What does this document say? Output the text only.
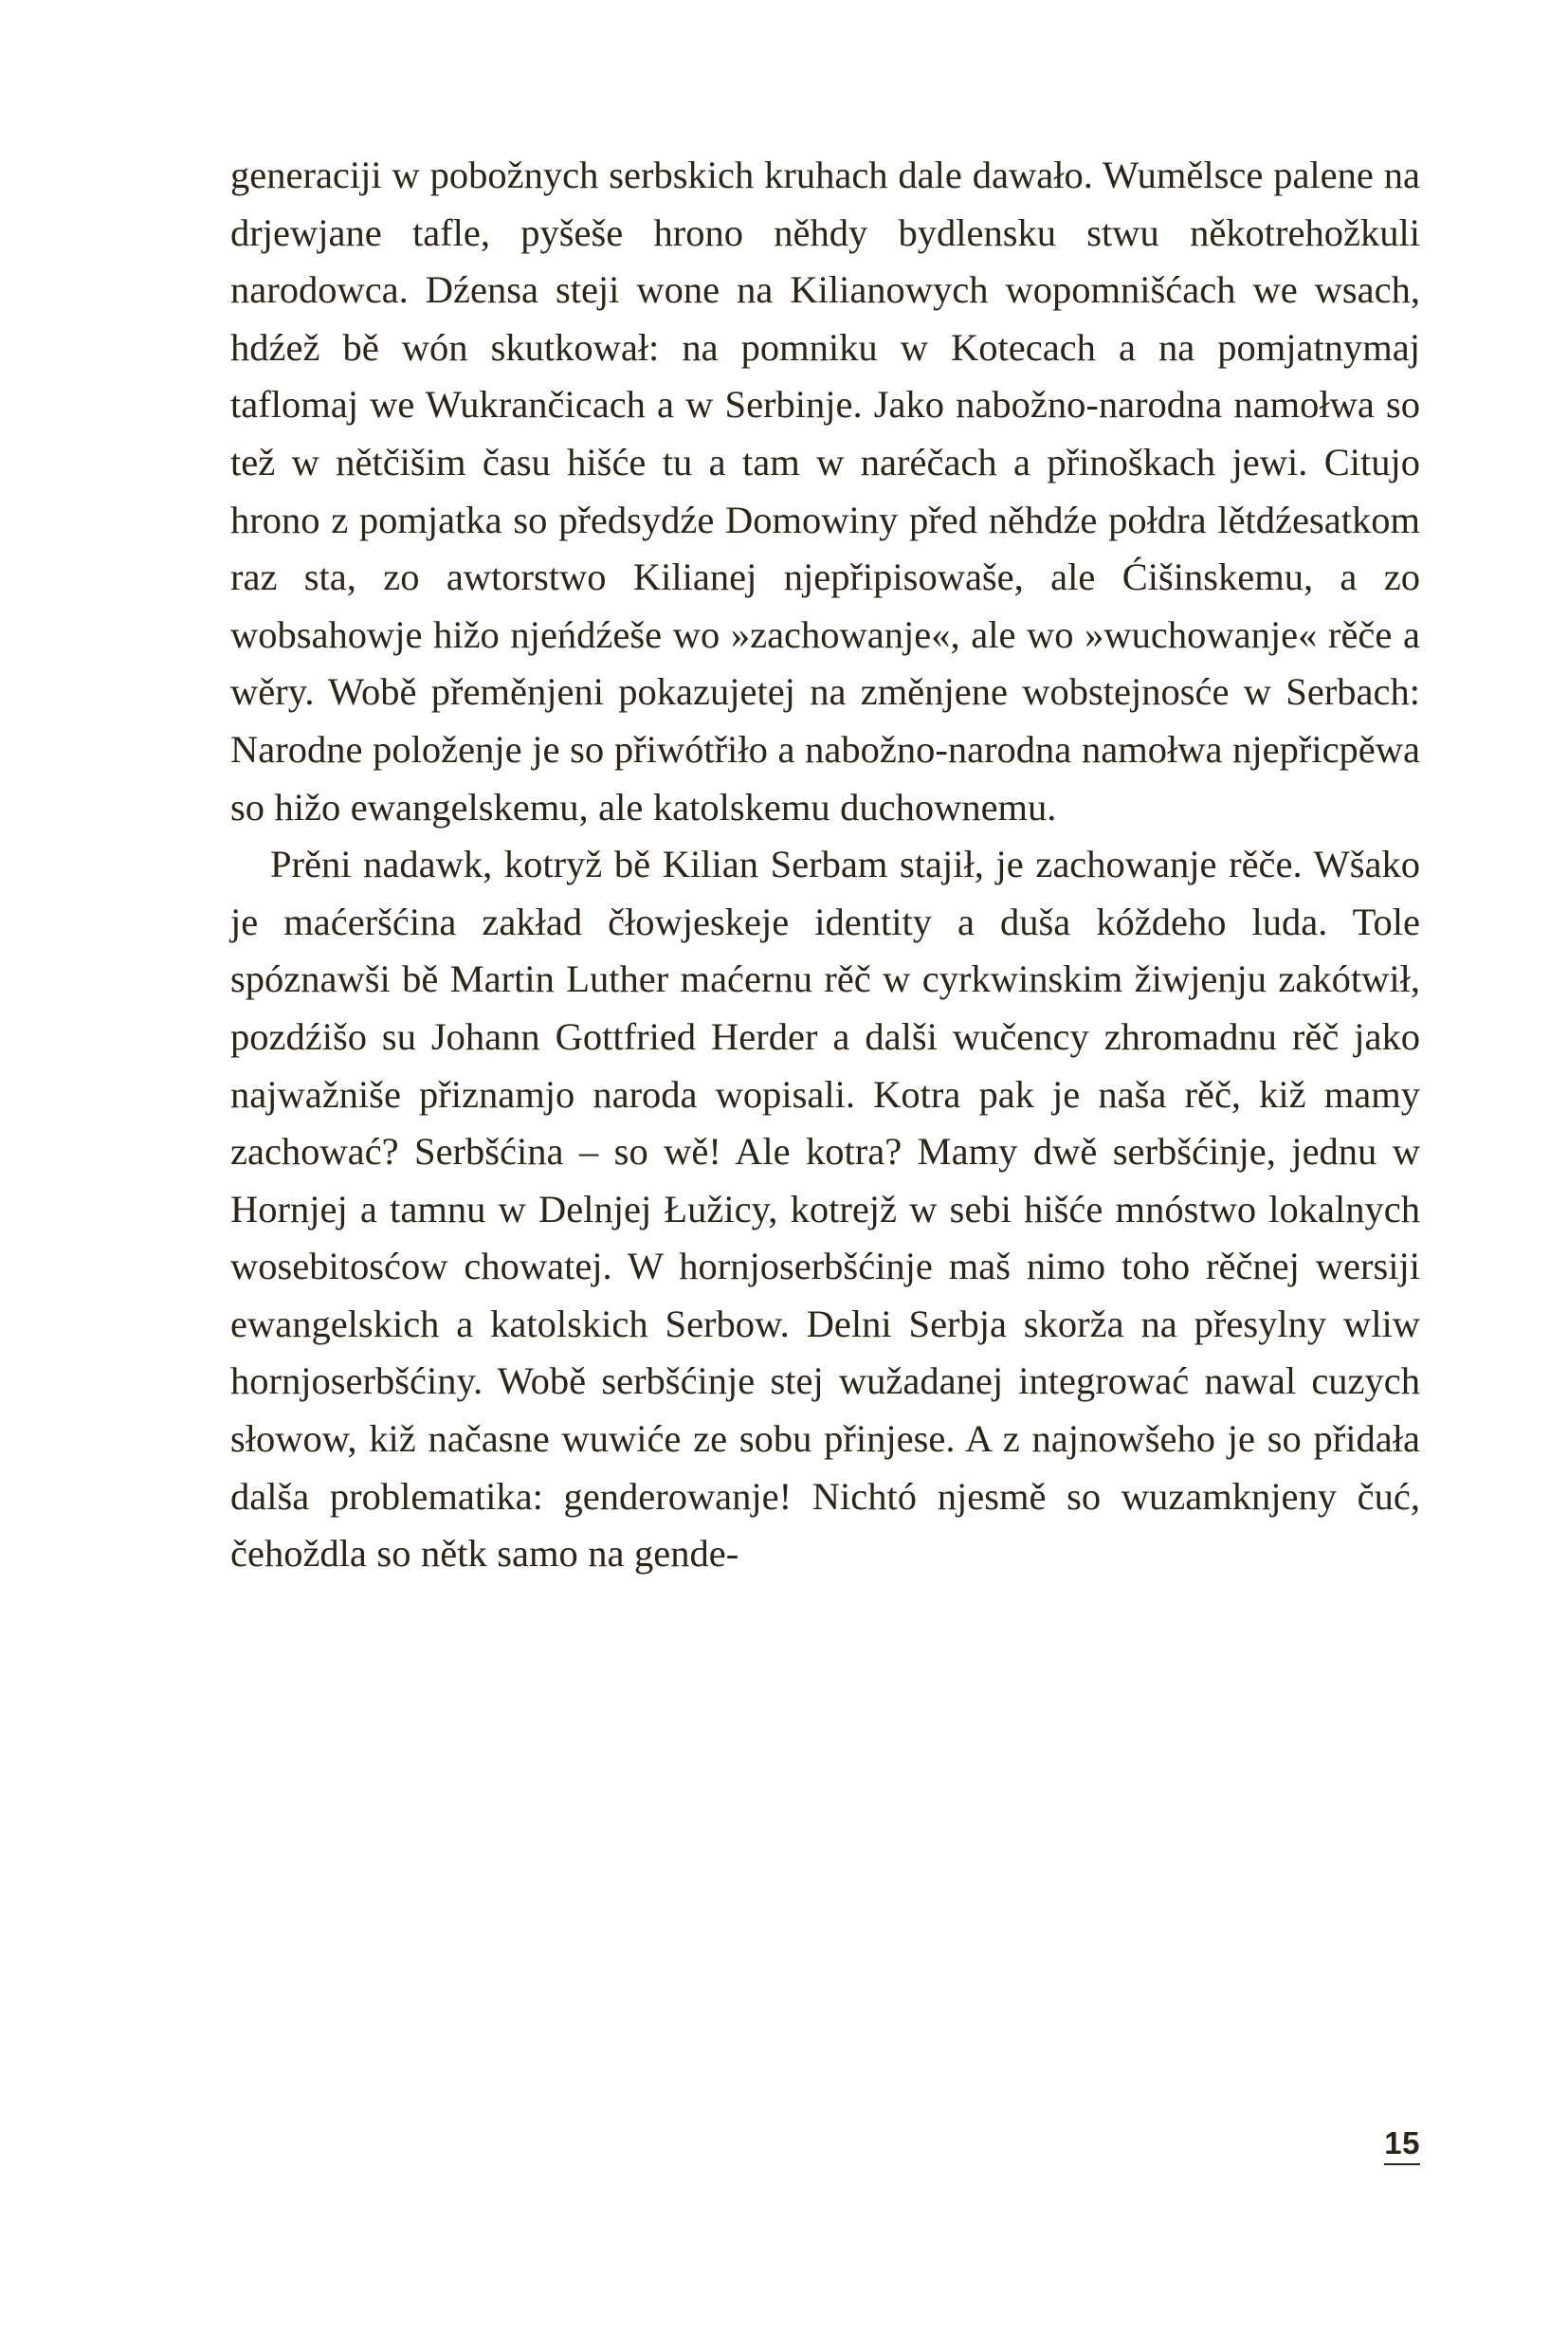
generaciji w pobožnych serbskich kruhach dale dawało. Wumělsce palene na drjewjane tafle, pyšeše hrono něhdy bydlensku stwu někotrehožkuli narodowca. Dźensa steji wone na Kilianowych wopomnišćach we wsach, hdźež bě wón skutkował: na pomniku w Kotecach a na pomjatnymaj taflomaj we Wukrančicach a w Serbinje. Jako nabožno-narodna namołwa so tež w nětčišim času hišće tu a tam w naréčach a přinoškach jewi. Citujo hrono z pomjatka so předsydźe Domowiny před něhdźe połdra lětdźesatkom raz sta, zo awtorstwo Kilianej njepřipisowaše, ale Ćišinskemu, a zo wobsahowje hižo njeńdźeše wo »zachowanje«, ale wo »wuchowanje« rěče a wěry. Wobě přeměnjeni pokazujetej na změnjene wobstejnosće w Serbach: Narodne položenje je so přiwótřiło a nabožno-narodna namołwa njepřicpěwa so hižo ewangelskemu, ale katolskemu duchownemu.

Prěni nadawk, kotryž bě Kilian Serbam stajił, je zachowanje rěče. Wšako je maćeršćina zakład čłowjeskeje identity a duša kóždeho luda. Tole spóznawši bě Martin Luther maćernu rěč w cyrkwinskim žiwjenju zakótwił, pozdźišo su Johann Gottfried Herder a dalši wučency zhromadnu rěč jako najwažniše přiznamjo naroda wopisali. Kotra pak je naša rěč, kiž mamy zachować? Serbšćina – so wě! Ale kotra? Mamy dwě serbšćinje, jednu w Hornjej a tamnu w Delnjej Łužicy, kotrejž w sebi hišće mnóstwo lokalnych wosebitosćow chowatej. W hornjoserbšćinje maš nimo toho rěčnej wersiji ewangelskich a katolskich Serbow. Delni Serbja skorža na přesylny wliw hornjoserbšćiny. Wobě serbšćinje stej wužadanej integrować nawal cuzych słowow, kiž načasne wuwiće ze sobu přinjese. A z najnowšeho je so přidała dalša problematika: genderowanje! Nichtó njesmě so wuzamknjeny čuć, čehoždla so nětk samo na gende-

15
